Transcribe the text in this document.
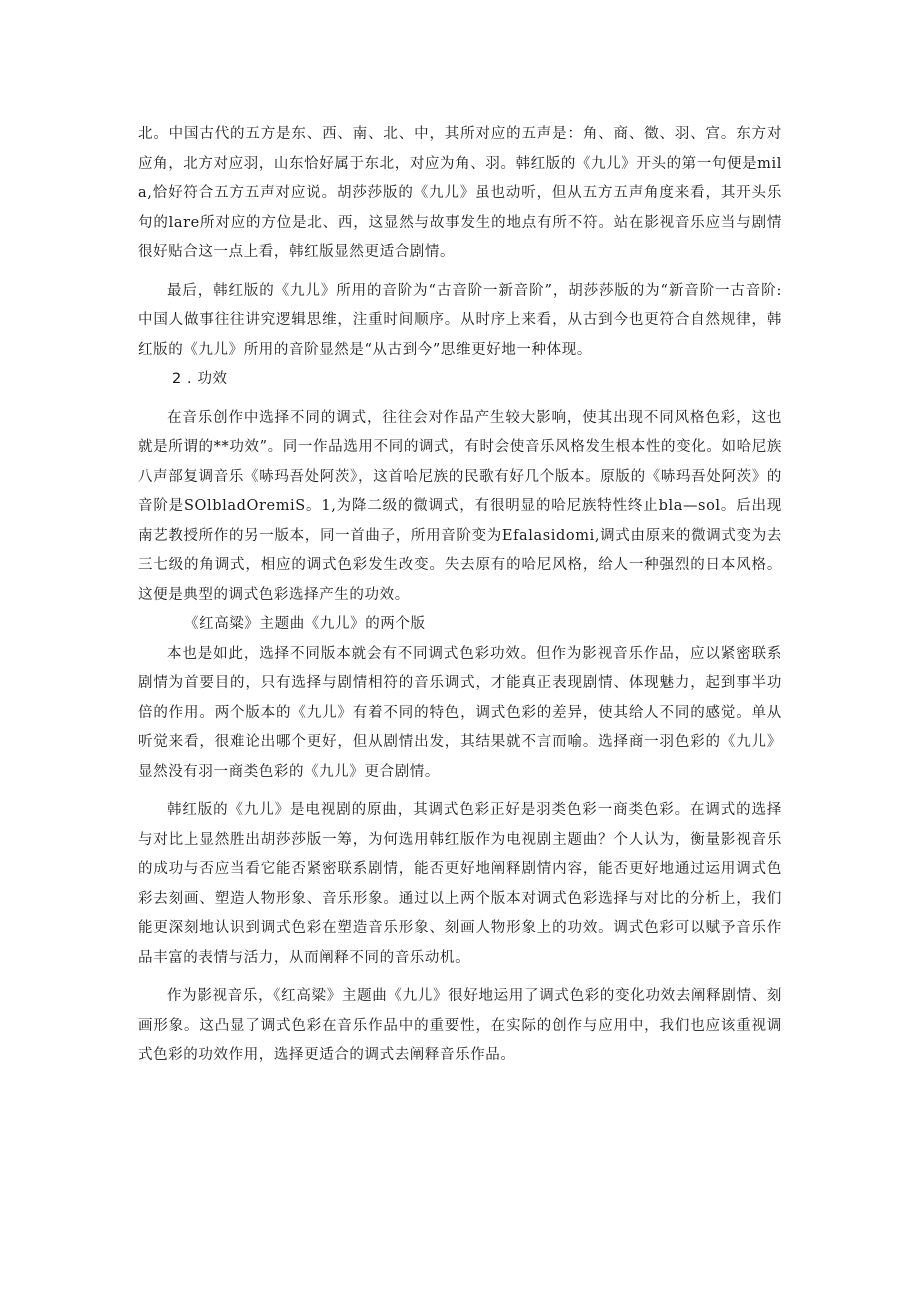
北。中国古代的五方是东、西、南、北、中，其所对应的五声是：角、商、徵、羽、宫。东方对应角，北方对应羽，山东恰好属于东北，对应为角、羽。韩红版的《九儿》开头的第一句便是mila,恰好符合五方五声对应说。胡莎莎版的《九儿》虽也动听，但从五方五声角度来看，其开头乐句的lare所对应的方位是北、西，这显然与故事发生的地点有所不符。站在影视音乐应当与剧情很好贴合这一点上看，韩红版显然更适合剧情。

最后，韩红版的《九儿》所用的音阶为“古音阶一新音阶”，胡莎莎版的为“新音阶一古音阶:中国人做事往往讲究逻辑思维，注重时间顺序。从时序上来看，从古到今也更符合自然规律，韩红版的《九儿》所用的音阶显然是“从古到今”思维更好地一种体现。

2 . 功效

在音乐创作中选择不同的调式，往往会对作品产生较大影响，使其出现不同风格色彩，这也就是所谓的**功效”。同一作品选用不同的调式，有时会使音乐风格发生根本性的变化。如哈尼族八声部复调音乐《哧玛吾处阿茨》，这首哈尼族的民歌有好几个版本。原版的《哧玛吾处阿茨》的音阶是SOlbladOremiS。1,为降二级的微调式，有很明显的哈尼族特性终止bla—sol。后出现南艺教授所作的另一版本，同一首曲子，所用音阶变为Efalasidomi,调式由原来的微调式变为去三七级的角调式，相应的调式色彩发生改变。失去原有的哈尼风格，给人一种强烈的日本风格。这便是典型的调式色彩选择产生的功效。

《红高粱》主题曲《九儿》的两个版

本也是如此，选择不同版本就会有不同调式色彩功效。但作为影视音乐作品，应以紧密联系剧情为首要目的，只有选择与剧情相符的音乐调式，才能真正表现剧情、体现魅力，起到事半功倍的作用。两个版本的《九儿》有着不同的特色，调式色彩的差异，使其给人不同的感觉。单从听觉来看，很难论出哪个更好，但从剧情出发，其结果就不言而喻。选择商一羽色彩的《九儿》显然没有羽一商类色彩的《九儿》更合剧情。

韩红版的《九儿》是电视剧的原曲，其调式色彩正好是羽类色彩一商类色彩。在调式的选择与对比上显然胜出胡莎莎版一筹，为何选用韩红版作为电视剧主题曲？个人认为，衡量影视音乐的成功与否应当看它能否紧密联系剧情，能否更好地阐释剧情内容，能否更好地通过运用调式色彩去刻画、塑造人物形象、音乐形象。通过以上两个版本对调式色彩选择与对比的分析上，我们能更深刻地认识到调式色彩在塑造音乐形象、刻画人物形象上的功效。调式色彩可以赋予音乐作品丰富的表情与活力，从而阐释不同的音乐动机。

作为影视音乐，《红高粱》主题曲《九儿》很好地运用了调式色彩的变化功效去阐释剧情、刻画形象。这凸显了调式色彩在音乐作品中的重要性，在实际的创作与应用中，我们也应该重视调式色彩的功效作用，选择更适合的调式去阐释音乐作品。
